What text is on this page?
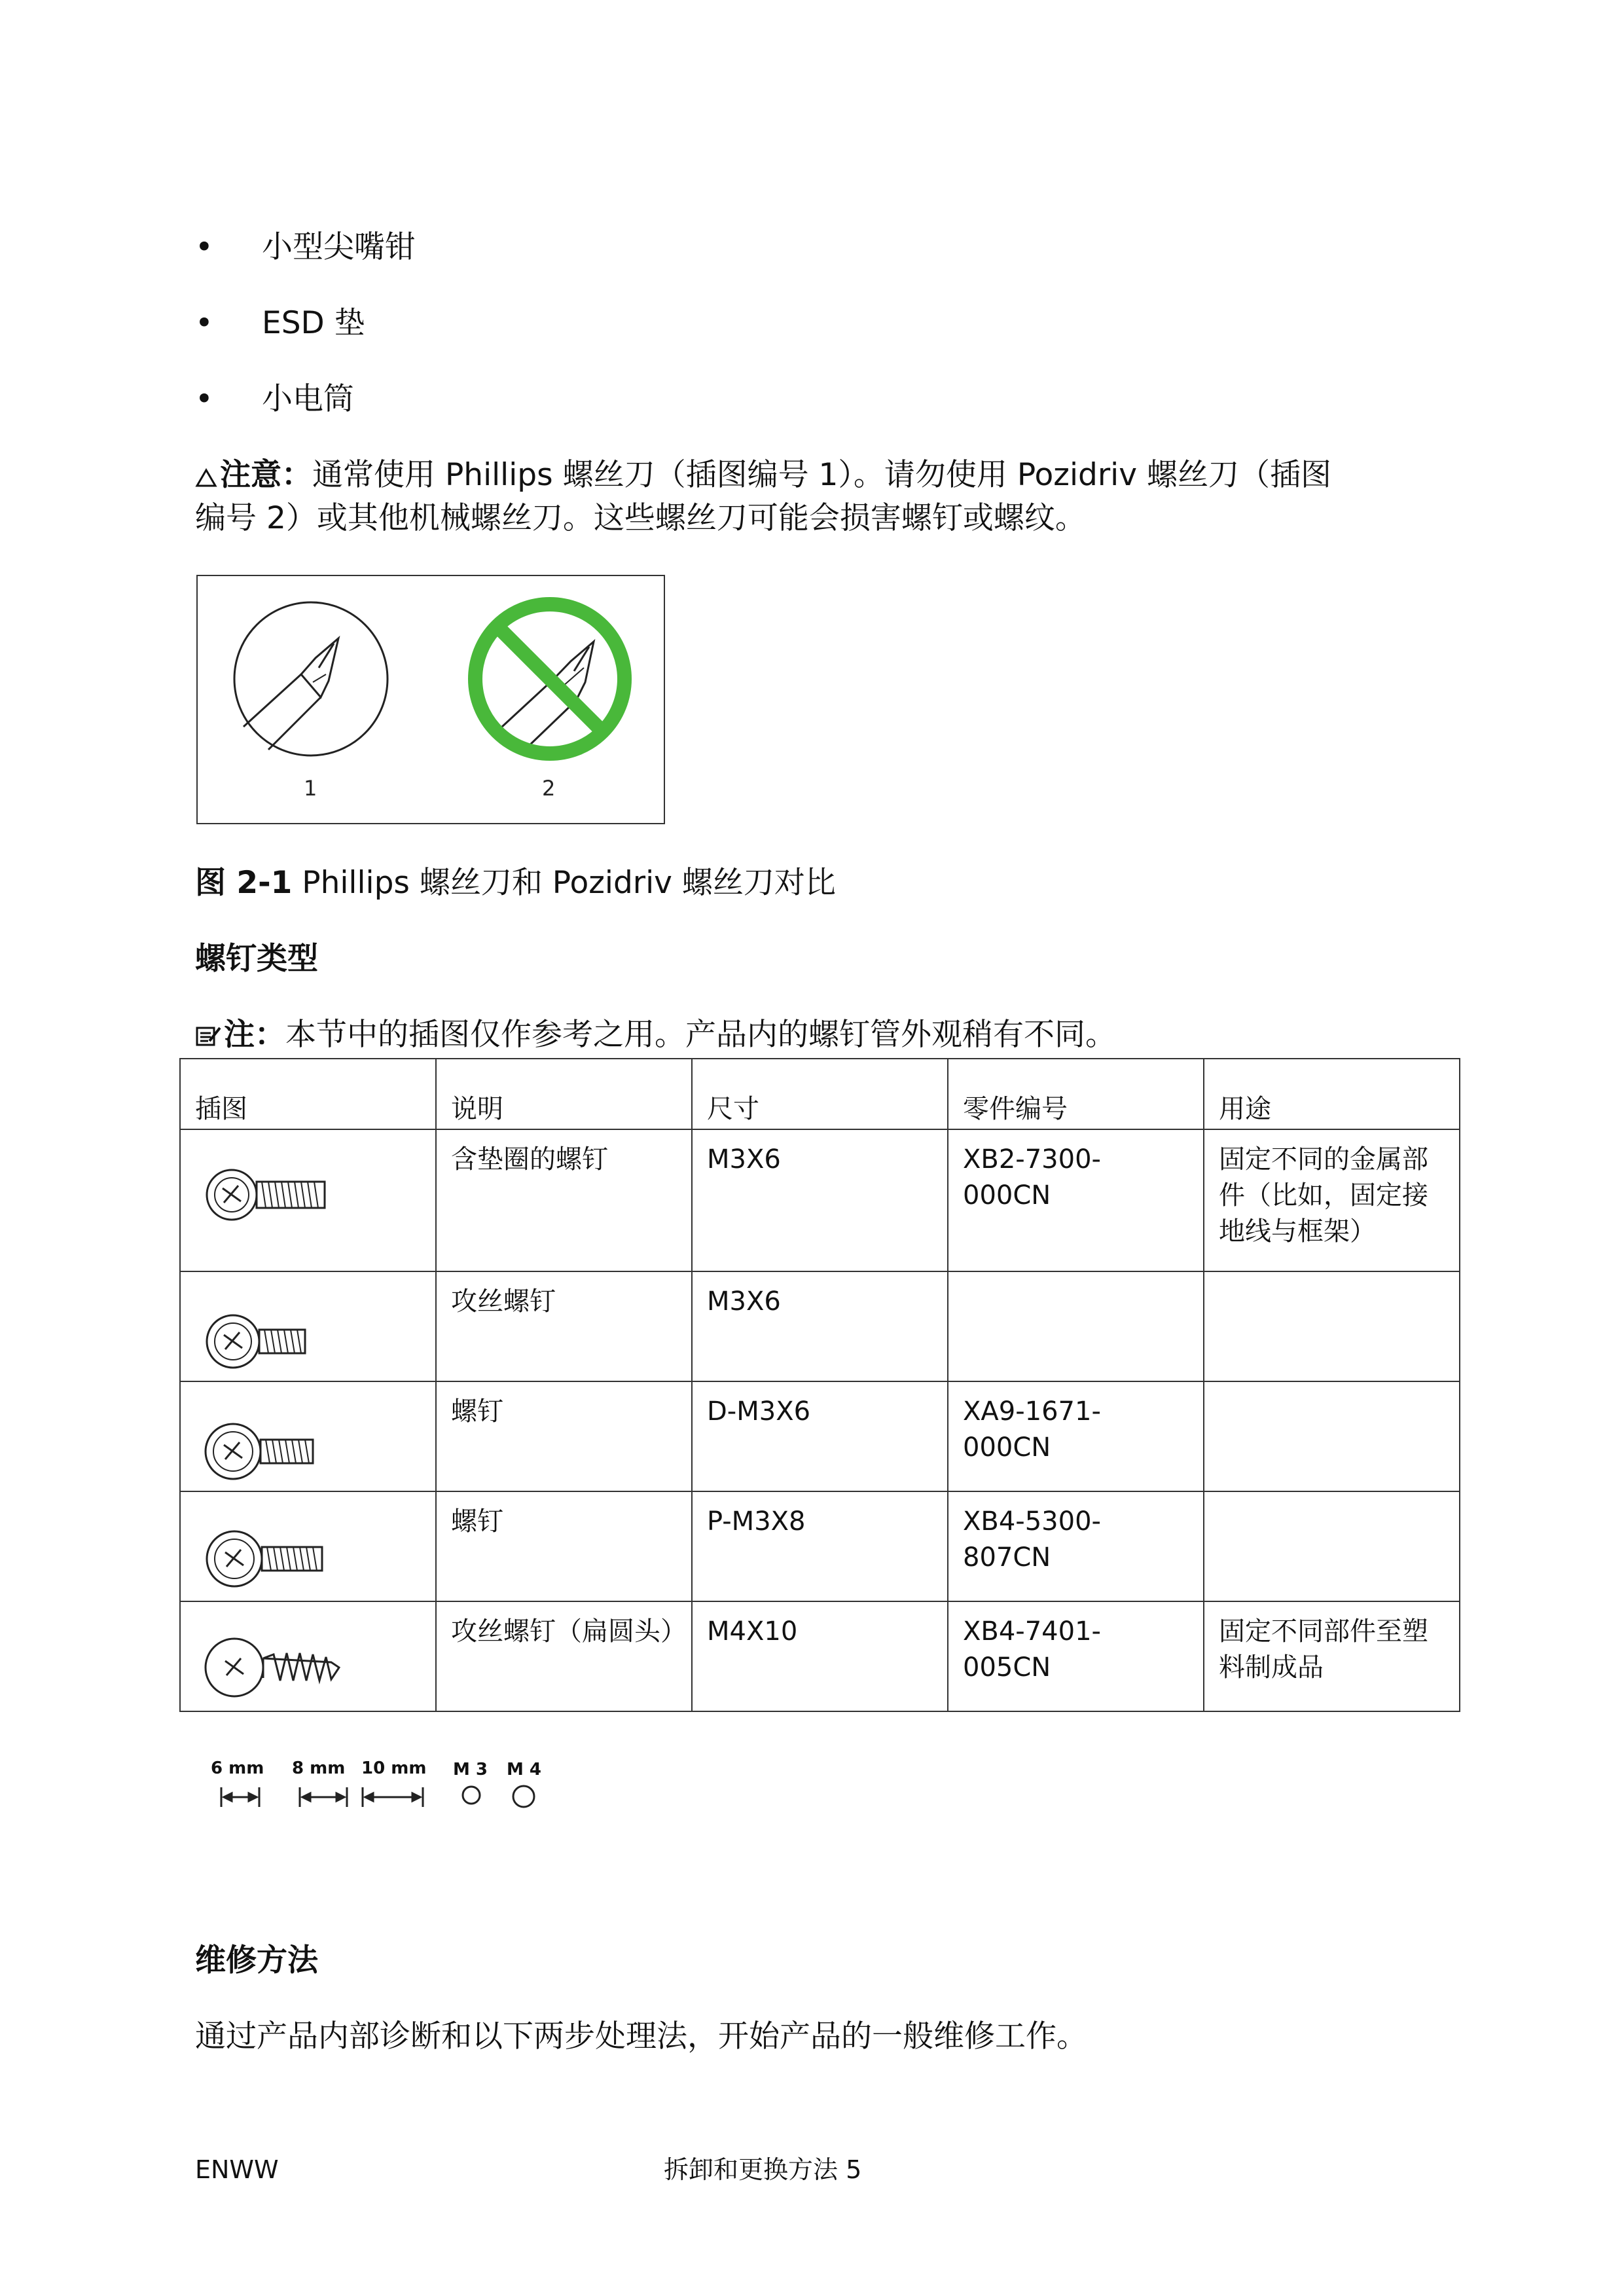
• 小型尖嘴钳
• ESD 垫
• 小电筒
注意：通常使用 Phillips 螺丝刀（插图编号 1）。请勿使用 Pozidriv 螺丝刀（插图
编号 2）或其他机械螺丝刀。这些螺丝刀可能会损害螺钉或螺纹。
1	2
图 2-1 Phillips 螺丝刀和 Pozidriv 螺丝刀对比
螺钉类型
注：本节中的插图仅作参考之用。产品内的螺钉管外观稍有不同。
插图	说明	尺寸	零件编号	用途

	含垫圈的螺钉	M3X6	XB2-7300-000CN	固定不同的金属部件（比如，固定接地线与框架）

	攻丝螺钉	M3X6		

	螺钉	D-M3X6	XA9-1671-000CN	

	螺钉	P-M3X8	XB4-5300-807CN	

	攻丝螺钉（扁圆头）	M4X10	XB4-7401-005CN	固定不同部件至塑料制成品
6 mm 8 mm 10 mm M 3 M 4
维修方法
通过产品内部诊断和以下两步处理法，开始产品的一般维修工作。
ENWW	拆卸和更换方法 5
